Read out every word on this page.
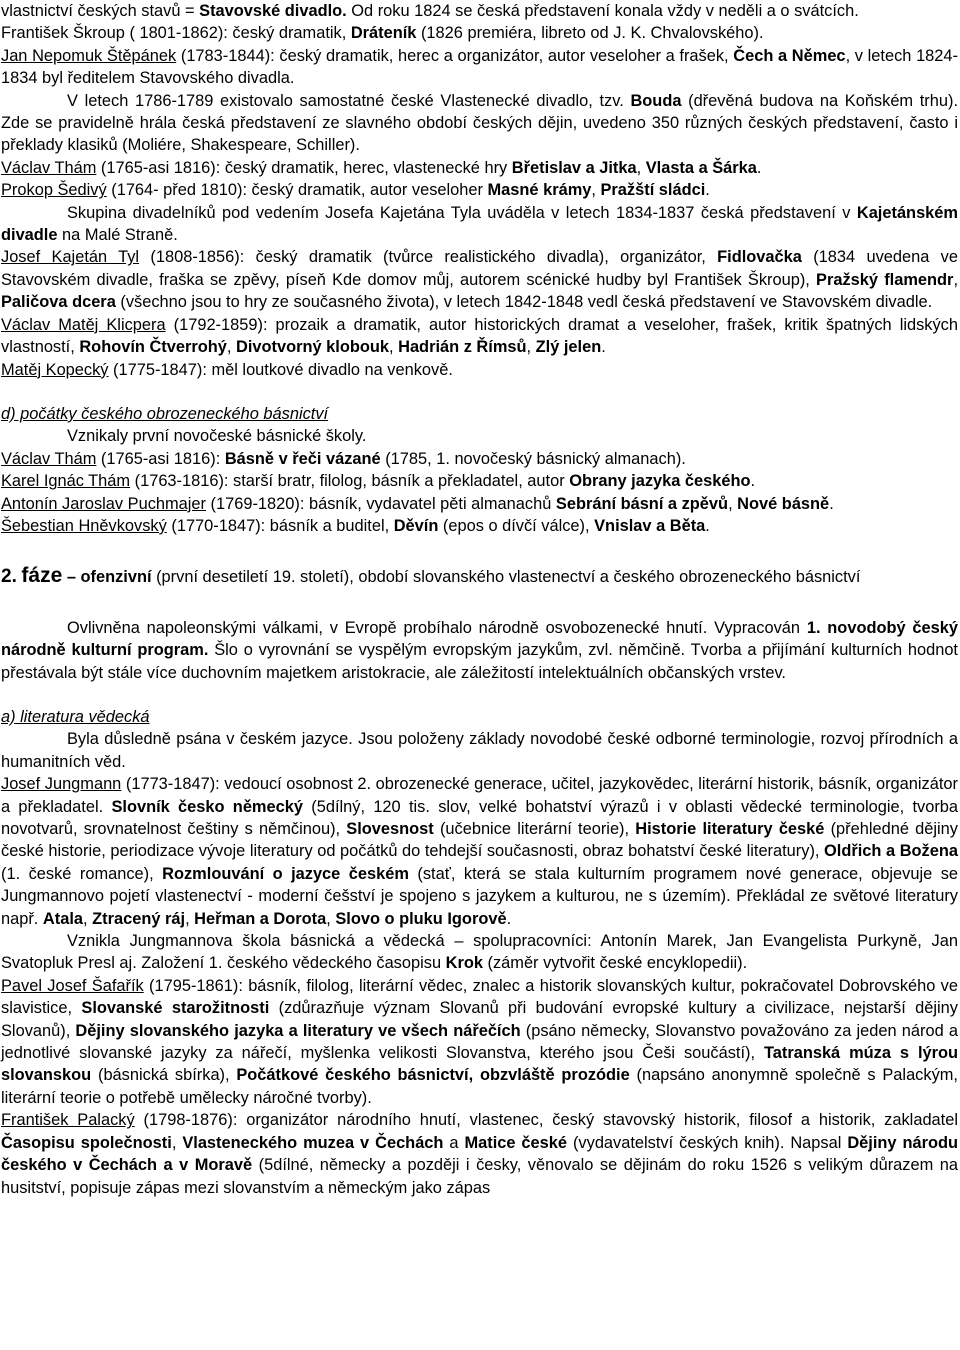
vlastnictví českých stavů = Stavovské divadlo. Od roku 1824 se česká představení konala vždy v neděli a o svátcích.
František Škroup ( 1801-1862): český dramatik, Dráteník (1826 premiéra, libreto od J. K. Chvalovského).
Jan Nepomuk Štěpánek (1783-1844): český dramatik, herec a organizátor, autor veseloher a frašek, Čech a Němec, v letech 1824-1834 byl ředitelem Stavovského divadla.
V letech 1786-1789 existovalo samostatné české Vlastenecké divadlo, tzv. Bouda (dřevěná budova na Koňském trhu). Zde se pravidelně hrála česká představení ze slavného období českých dějin, uvedeno 350 různých českých představení, často i překlady klasiků (Moliére, Shakespeare, Schiller).
Václav Thám (1765-asi 1816): český dramatik, herec, vlastenecké hry Břetislav a Jitka, Vlasta a Šárka.
Prokop Šedivý (1764- před 1810): český dramatik, autor veseloher Masné krámy, Pražští sládci.
Skupina divadelníků pod vedením Josefa Kajetána Tyla uváděla v letech 1834-1837 česká představení v Kajetánském divadle na Malé Straně.
Josef Kajetán Tyl (1808-1856): český dramatik (tvůrce realistického divadla), organizátor, Fidlovačka (1834 uvedena ve Stavovském divadle, fraška se zpěvy, píseň Kde domov můj, autorem scénické hudby byl František Škroup), Pražský flamendr, Paličova dcera (všechno jsou to hry ze současného života), v letech 1842-1848 vedl česká představení ve Stavovském divadle.
Václav Matěj Klicpera (1792-1859): prozaik a dramatik, autor historických dramat a veseloher, frašek, kritik špatných lidských vlastností, Rohovín Čtverrohý, Divotvorný klobouk, Hadrián z Římsů, Zlý jelen.
Matěj Kopecký (1775-1847): měl loutkové divadlo na venkově.
d) počátky českého obrozeneckého básnictví
Vznikaly první novočeské básnické školy.
Václav Thám (1765-asi 1816): Básně v řeči vázané (1785, 1. novočeský básnický almanach).
Karel Ignác Thám (1763-1816): starší bratr, filolog, básník a překladatel, autor Obrany jazyka českého.
Antonín Jaroslav Puchmajer (1769-1820): básník, vydavatel pěti almanachů Sebrání básní a zpěvů, Nové básně.
Šebestian Hněvkovský (1770-1847): básník a buditel, Děvín (epos o dívčí válce), Vnislav a Běta.
2. fáze – ofenzivní (první desetiletí 19. století), období slovanského vlastenectví a českého obrozeneckého básnictví
Ovlivněna napoleonskými válkami, v Evropě probíhalo národně osvobozenecké hnutí. Vypracován 1. novodobý český národně kulturní program. Šlo o vyrovnání se vyspělým evropským jazykům, zvl. němčině. Tvorba a přijímání kulturních hodnot přestávala být stále více duchovním majetkem aristokracie, ale záležitostí intelektuálních občanských vrstev.
a) literatura vědecká
Byla důsledně psána v českém jazyce. Jsou položeny základy novodobé české odborné terminologie, rozvoj přírodních a humanitních věd.
Josef Jungmann (1773-1847): vedoucí osobnost 2. obrozenecké generace, učitel, jazykovědec, literární historik, básník, organizátor a překladatel. Slovník česko německý (5dílný, 120 tis. slov, velké bohatství výrazů i v oblasti vědecké terminologie, tvorba novotvarů, srovnatelnost češtiny s němčinou), Slovesnost (učebnice literární teorie), Historie literatury české (přehledné dějiny české historie, periodizace vývoje literatury od počátků do tehdejší současnosti, obraz bohatství české literatury), Oldřich a Božena (1. české romance), Rozmlouvání o jazyce českém (stať, která se stala kulturním programem nové generace, objevuje se Jungmannovo pojetí vlastenectví - moderní češství je spojeno s jazykem a kulturou, ne s územím). Překládal ze světové literatury např. Atala, Ztracený ráj, Heřman a Dorota, Slovo o pluku Igorově.
Vznikla Jungmannova škola básnická a vědecká – spolupracovníci: Antonín Marek, Jan Evangelista Purkyně, Jan Svatopluk Presl aj. Založení 1. českého vědeckého časopisu Krok (záměr vytvořit české encyklopedii).
Pavel Josef Šafařík (1795-1861): básník, filolog, literární vědec, znalec a historik slovanských kultur, pokračovatel Dobrovského ve slavistice, Slovanské starožitnosti (zdůrazňuje význam Slovanů při budování evropské kultury a civilizace, nejstarší dějiny Slovanů), Dějiny slovanského jazyka a literatury ve všech nářečích (psáno německy, Slovanstvo považováno za jeden národ a jednotlivé slovanské jazyky za nářečí, myšlenka velikosti Slovanstva, kterého jsou Češi součástí), Tatranská múza s lýrou slovanskou (básnická sbírka), Počátkové českého básnictví, obzvláště prozódie (napsáno anonymně společně s Palackým, literární teorie o potřebě umělecky náročné tvorby).
František Palacký (1798-1876): organizátor národního hnutí, vlastenec, český stavovský historik, filosof a historik, zakladatel Časopisu společnosti, Vlasteneckého muzea v Čechách a Matice české (vydavatelství českých knih). Napsal Dějiny národu českého v Čechách a v Moravě (5dílné, německy a později i česky, věnovalo se dějinám do roku 1526 s velikým důrazem na husitství, popisuje zápas mezi slovanstvím a německým jako zápas
